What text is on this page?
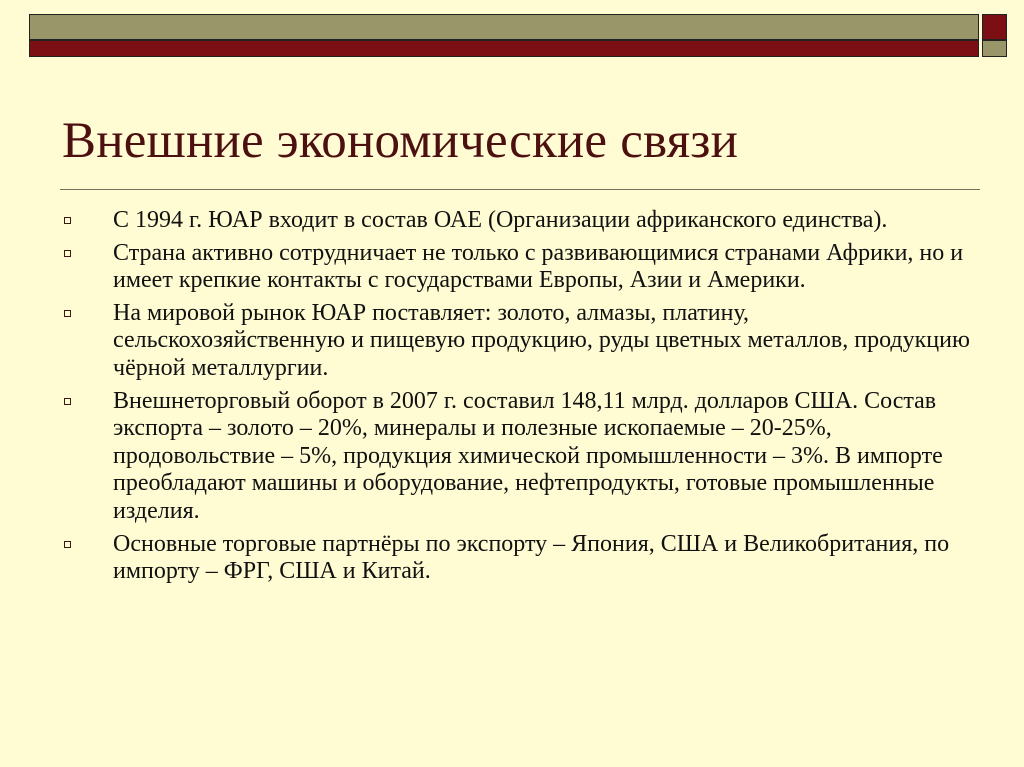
Внешние экономические связи
С 1994 г. ЮАР входит в состав ОАЕ (Организации африканского единства).
Страна активно сотрудничает не только с развивающимися странами Африки, но и имеет крепкие контакты с государствами Европы, Азии и Америки.
На мировой рынок ЮАР поставляет: золото, алмазы, платину, сельскохозяйственную и пищевую продукцию, руды цветных металлов, продукцию чёрной металлургии.
Внешнеторговый оборот в 2007 г. составил 148,11 млрд. долларов США. Состав экспорта – золото – 20%, минералы и полезные ископаемые – 20-25%, продовольствие – 5%, продукция химической промышленности – 3%. В импорте преобладают машины и оборудование, нефтепродукты, готовые промышленные изделия.
Основные торговые партнёры по экспорту – Япония, США и Великобритания, по импорту – ФРГ, США и Китай.
